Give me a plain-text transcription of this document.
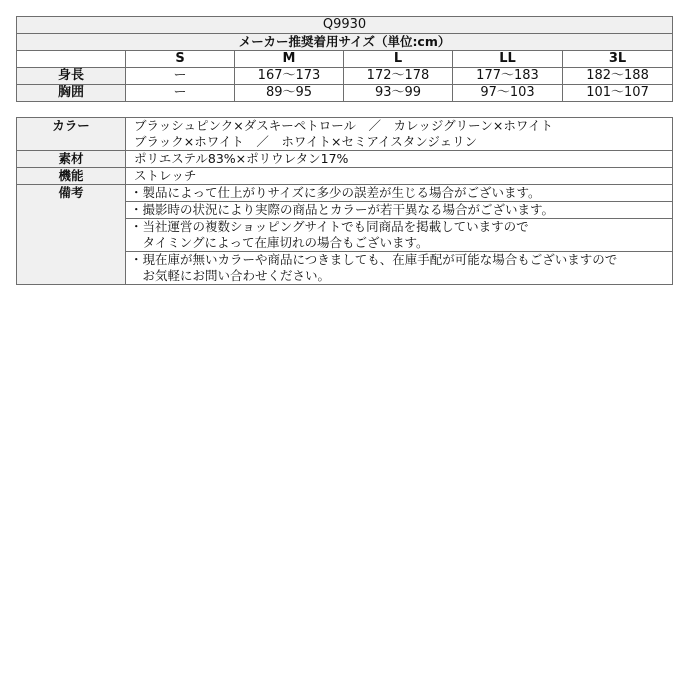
Q9930					
メーカー推奨着用サイズ（単位:cm）					
	S	M	L	LL	3L
身長	ー	167〜173	172〜178	177〜183	182〜188
胸囲	ー	89〜95	93〜99	97〜103	101〜107
カラー	ブラッシュピンク×ダスキーペトロール　／　カレッジグリーン×ホワイト
ブラック×ホワイト　／　ホワイト×セミアイスタンジェリン

素材	ポリエステル83%×ポリウレタン17%
機能	ストレッチ
備考	・製品によって仕上がりサイズに多少の誤差が生じる場合がございます。

	・撮影時の状況により実際の商品とカラーが若干異なる場合がございます。

	・当社運営の複数ショッピングサイトでも同商品を掲載していますので
　タイミングによって在庫切れの場合もございます。

	・現在庫が無いカラーや商品につきましても、在庫手配が可能な場合もございますので
　お気軽にお問い合わせください。
